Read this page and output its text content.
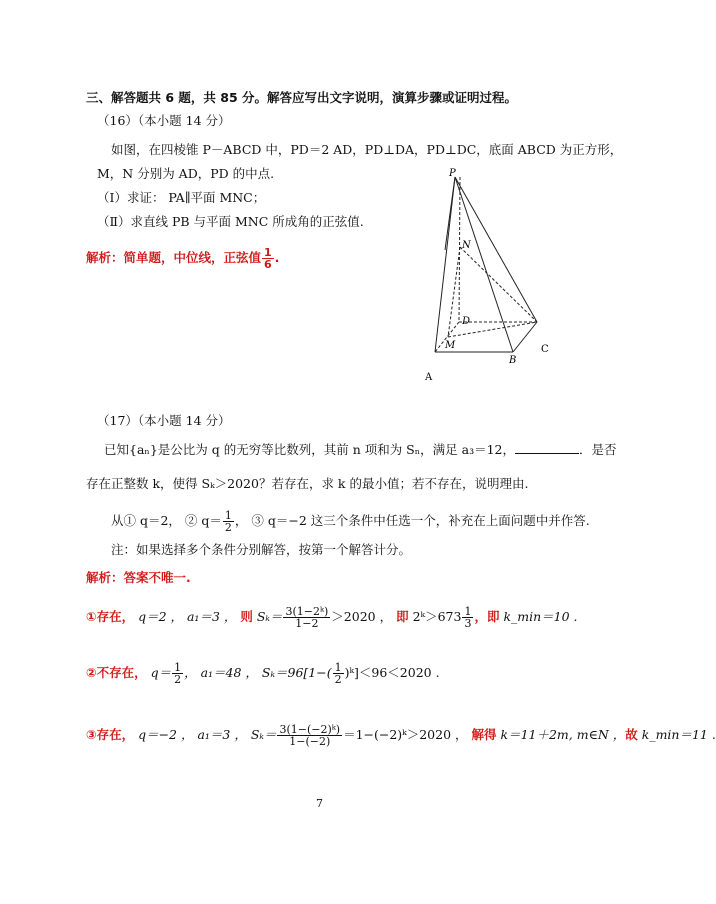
三、解答题共 6 题，共 85 分。解答应写出文字说明，演算步骤或证明过程。
（16）（本小题 14 分）
如图，在四棱锥 P－ABCD 中，PD＝2 AD，PD⊥DA，PD⊥DC，底面 ABCD 为正方形，
M，N 分别为 AD，PD 的中点.
（Ⅰ）求证： PA∥平面 MNC；
（Ⅱ）求直线 PB 与平面 MNC 所成角的正弦值.
解析：简单题，中位线，正弦值 $\frac{1}{6}$ .
P
N
D
M
B
C
A
（17）（本小题 14 分）
已知{aₙ}是公比为 q 的无穷等比数列，其前 n 项和为 Sₙ，满足 a₃＝12，	．是否
存在正整数 k，使得 Sₖ＞2020？若存在，求 k 的最小值；若不存在，说明理由.
从① q＝2， ② $q= \frac{1}{2}$ ， ③ q＝−2 这三个条件中任选一个，补充在上面问题中并作答.
注：如果选择多个条件分别解答，按第一个解答计分。
解析：答案不唯一.
①存在， q＝2 ， a₁＝3 ， 则 $S_k= \frac{\text{3(1−2ᵏ)}}{1-2} >2020$ ， 即 2ᵏ＞673 $\frac{1}{3}$ ，即 k_min＝10 .
②不存在， $q= \frac{1}{2}$ ， a₁＝48 ， $S_k=96[1-( \frac{1}{2}$ )ᵏ]＜96＜2020 .
③存在， q＝−2 ， a₁＝3 ， $S_k= \frac{\text{3(1−(−2)ᵏ)}}{1-(-2)}$ ＝1−(−2)ᵏ＞2020 ， 解得 k＝11＋2m, m∈N ，故 k_min＝11 .
7
